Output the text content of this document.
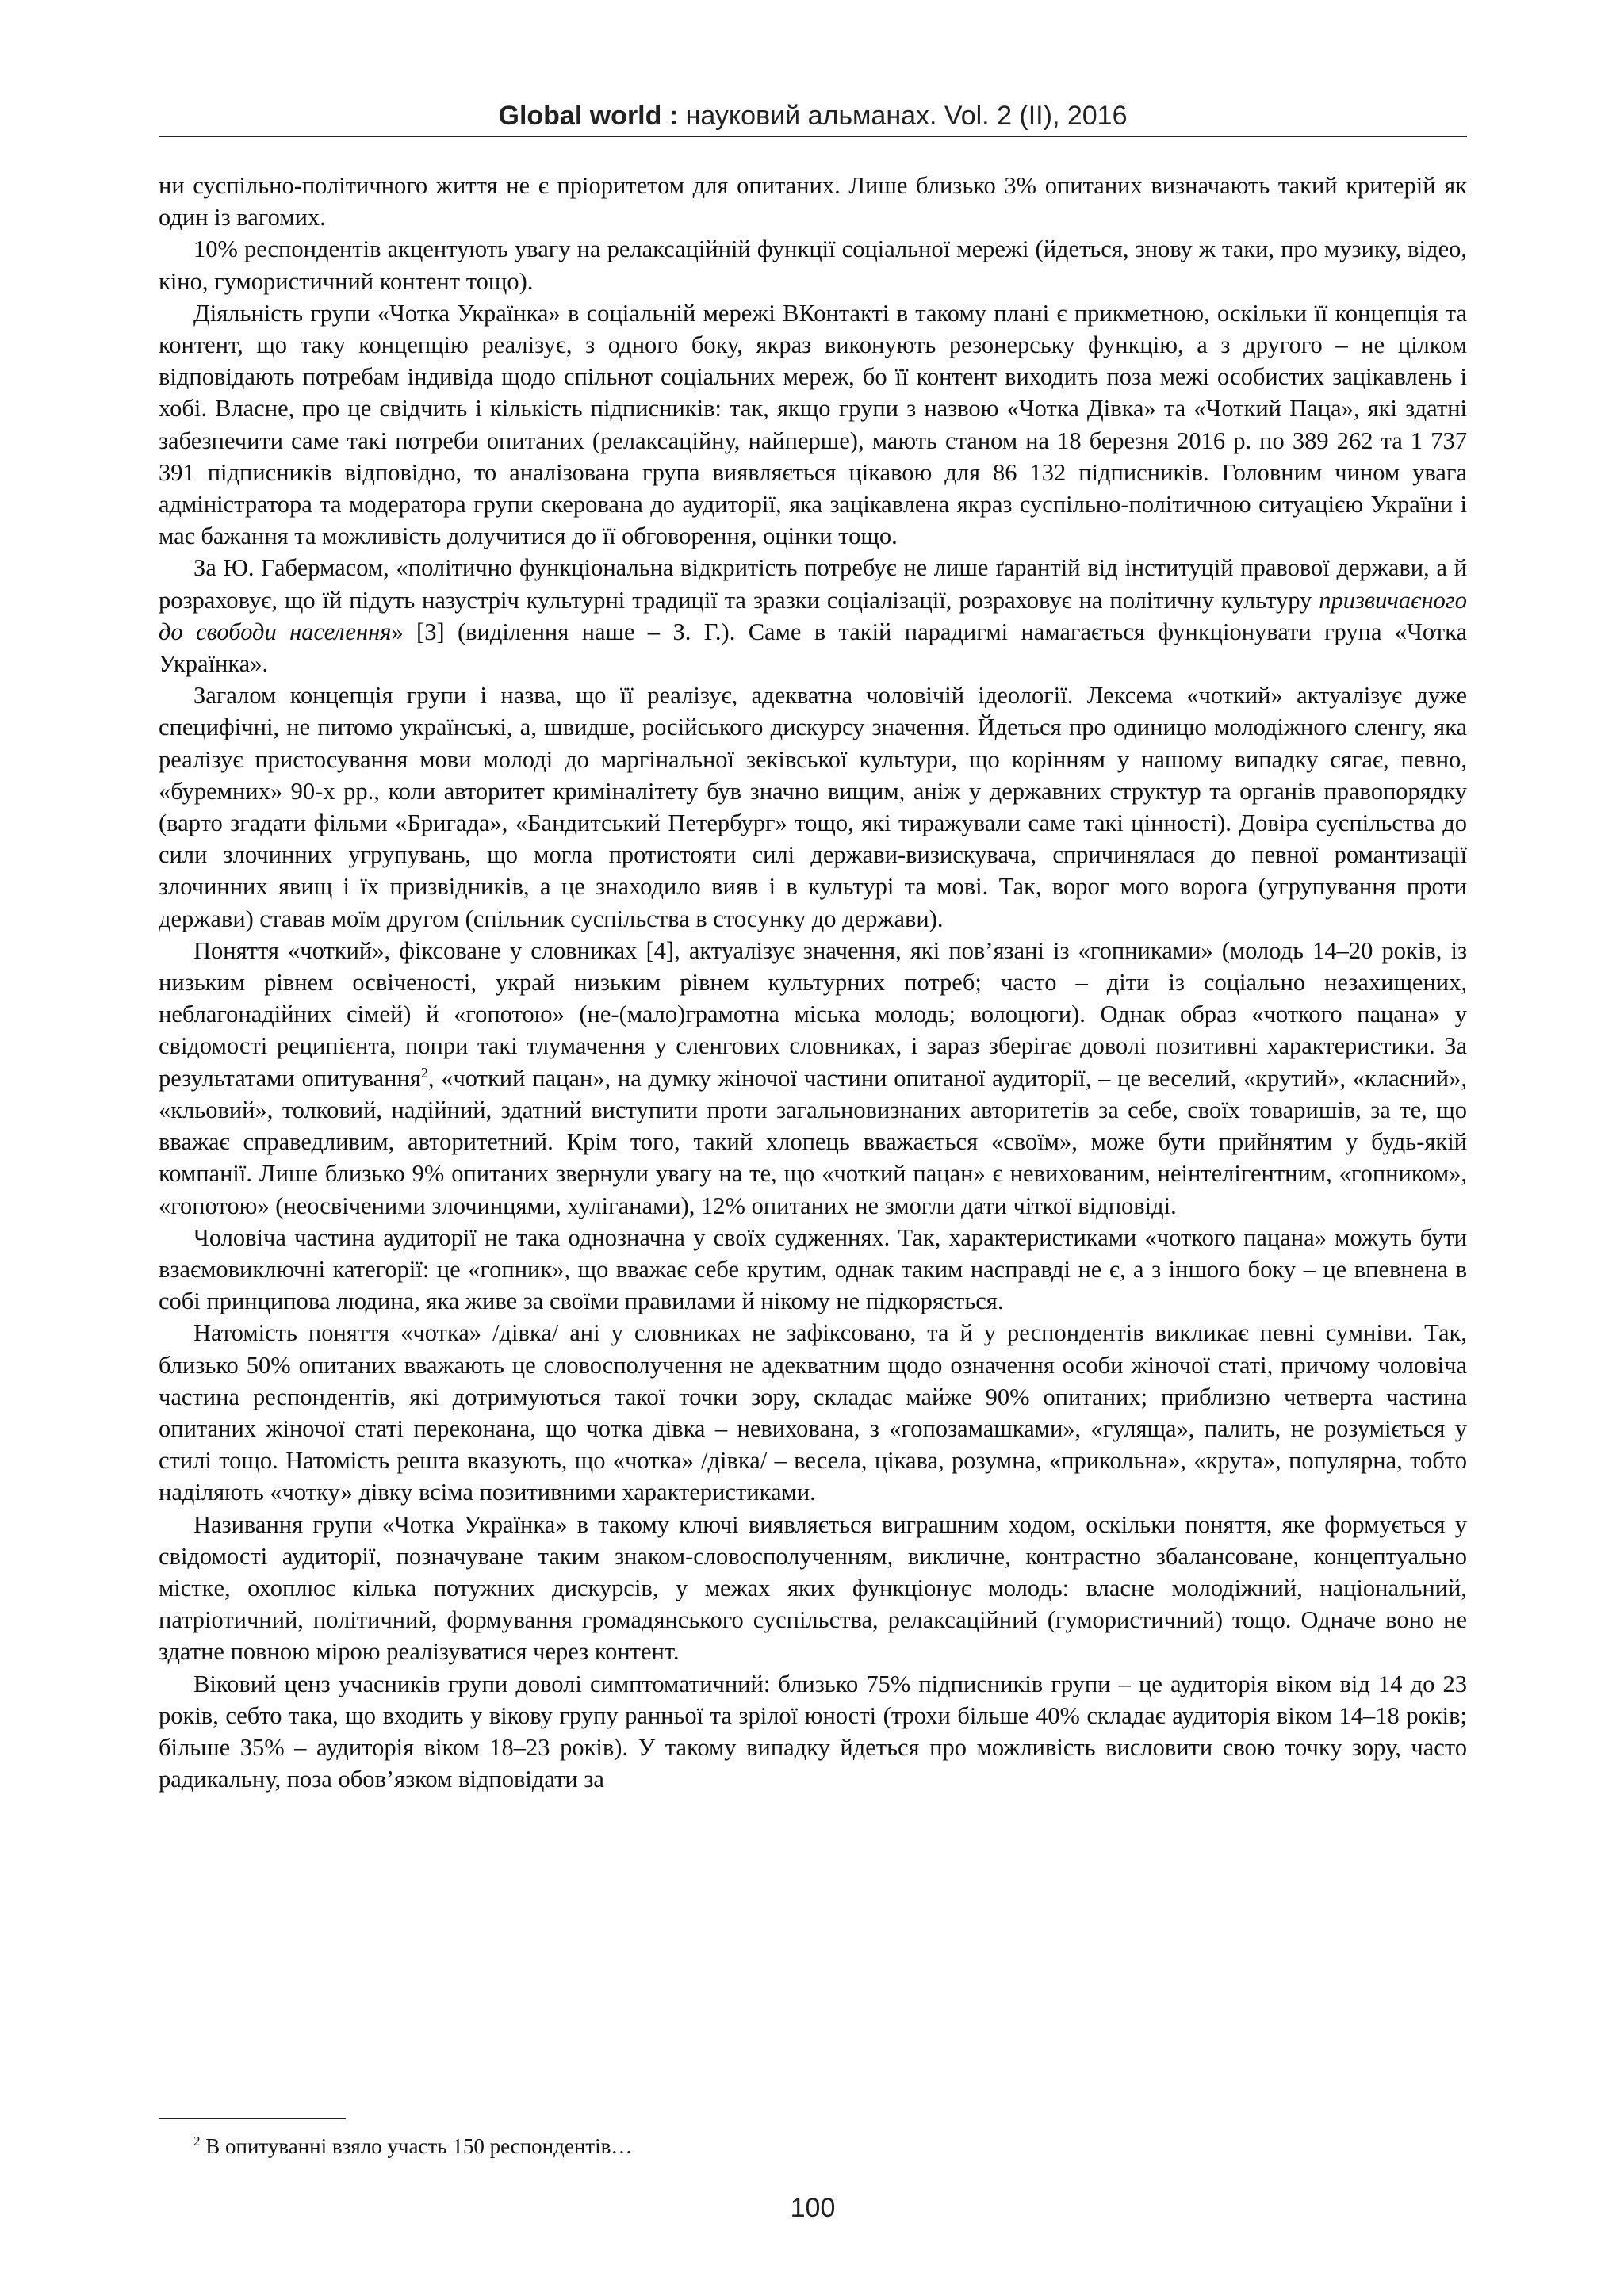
Global world : науковий альманах. Vol. 2 (II), 2016

ни суспільно-політичного життя не є пріоритетом для опитаних. Лише близько 3% опитаних визначають такий критерій як один із вагомих.

10% респондентів акцентують увагу на релаксаційній функції соціальної мережі (йдеться, знову ж таки, про музику, відео, кіно, гумористичний контент тощо).

Діяльність групи «Чотка Українка» в соціальній мережі ВКонтакті в такому плані є прикметною, оскільки її концепція та контент, що таку концепцію реалізує, з одного боку, якраз виконують резонерську функцію, а з другого – не цілком відповідають потребам індивіда щодо спільнот соціальних мереж, бо її контент виходить поза межі особистих зацікавлень і хобі. Власне, про це свідчить і кількість підписників: так, якщо групи з назвою «Чотка Дівка» та «Чоткий Паца», які здатні забезпечити саме такі потреби опитаних (релаксаційну, найперше), мають станом на 18 березня 2016 р. по 389 262 та 1 737 391 підписників відповідно, то аналізована група виявляється цікавою для 86 132 підписників. Головним чином увага адміністратора та модератора групи скерована до аудиторії, яка зацікавлена якраз суспільно-політичною ситуацією України і має бажання та можливість долучитися до її обговорення, оцінки тощо.

За Ю. Габермасом, «політично функціональна відкритість потребує не лише ґарантій від інституцій правової держави, а й розраховує, що їй підуть назустріч культурні традиції та зразки соціалізації, розраховує на політичну культуру призвичаєного до свободи населення» [3] (виділення наше – З. Г.). Саме в такій парадигмі намагається функціонувати група «Чотка Українка».

Загалом концепція групи і назва, що її реалізує, адекватна чоловічій ідеології. Лексема «чоткий» актуалізує дуже специфічні, не питомо українські, а, швидше, російського дискурсу значення. Йдеться про одиницю молодіжного сленгу, яка реалізує пристосування мови молоді до маргінальної зеківської культури, що корінням у нашому випадку сягає, певно, «буремних» 90-х рр., коли авторитет криміналітету був значно вищим, аніж у державних структур та органів правопорядку (варто згадати фільми «Бригада», «Бандитський Петербург» тощо, які тиражували саме такі цінності). Довіра суспільства до сили злочинних угрупувань, що могла протистояти силі держави-визискувача, спричинялася до певної романтизації злочинних явищ і їх призвідників, а це знаходило вияв і в культурі та мові. Так, ворог мого ворога (угрупування проти держави) ставав моїм другом (спільник суспільства в стосунку до держави).

Поняття «чоткий», фіксоване у словниках [4], актуалізує значення, які пов’язані із «гопниками» (молодь 14–20 років, із низьким рівнем освіченості, украй низьким рівнем культурних потреб; часто – діти із соціально незахищених, неблагонадійних сімей) й «гопотою» (не-(мало)грамотна міська молодь; волоцюги). Однак образ «чоткого пацана» у свідомості реципієнта, попри такі тлумачення у сленгових словниках, і зараз зберігає доволі позитивні характеристики. За результатами опитування$^2$, «чоткий пацан», на думку жіночої частини опитаної аудиторії, – це веселий, «крутий», «класний», «кльовий», толковий, надійний, здатний виступити проти загальновизнаних авторитетів за себе, своїх товаришів, за те, що вважає справедливим, авторитетний. Крім того, такий хлопець вважається «своїм», може бути прийнятим у будь-якій компанії. Лише близько 9% опитаних звернули увагу на те, що «чоткий пацан» є невихованим, неінтелігентним, «гопником», «гопотою» (неосвіченими злочинцями, хуліганами), 12% опитаних не змогли дати чіткої відповіді.

Чоловіча частина аудиторії не така однозначна у своїх судженнях. Так, характеристиками «чоткого пацана» можуть бути взаємовиключні категорії: це «гопник», що вважає себе крутим, однак таким насправді не є, а з іншого боку – це впевнена в собі принципова людина, яка живе за своїми правилами й нікому не підкоряється.

Натомість поняття «чотка» /дівка/ ані у словниках не зафіксовано, та й у респондентів викликає певні сумніви. Так, близько 50% опитаних вважають це словосполучення не адекватним щодо означення особи жіночої статі, причому чоловіча частина респондентів, які дотримуються такої точки зору, складає майже 90% опитаних; приблизно четверта частина опитаних жіночої статі переконана, що чотка дівка – невихована, з «гопозамашками», «гуляща», палить, не розуміється у стилі тощо. Натомість решта вказують, що «чотка» /дівка/ – весела, цікава, розумна, «прикольна», «крута», популярна, тобто наділяють «чотку» дівку всіма позитивними характеристиками.

Називання групи «Чотка Українка» в такому ключі виявляється виграшним ходом, оскільки поняття, яке формується у свідомості аудиторії, позначуване таким знаком-словосполученням, викличне, контрастно збалансоване, концептуально місткe, охоплює кілька потужних дискурсів, у межах яких функціонує молодь: власне молодіжний, національний, патріотичний, політичний, формування громадянського суспільства, релаксаційний (гумористичний) тощо. Одначе воно не здатне повною мірою реалізуватися через контент.

Віковий ценз учасників групи доволі симптоматичний: близько 75% підписників групи – це аудиторія віком від 14 до 23 років, себто така, що входить у вікову групу ранньої та зрілої юності (трохи більше 40% складає аудиторія віком 14–18 років; більше 35% – аудиторія віком 18–23 років). У такому випадку йдеться про можливість висловити свою точку зору, часто радикальну, поза обов’язком відповідати за

$^2$ В опитуванні взяло участь 150 респондентів…
100
